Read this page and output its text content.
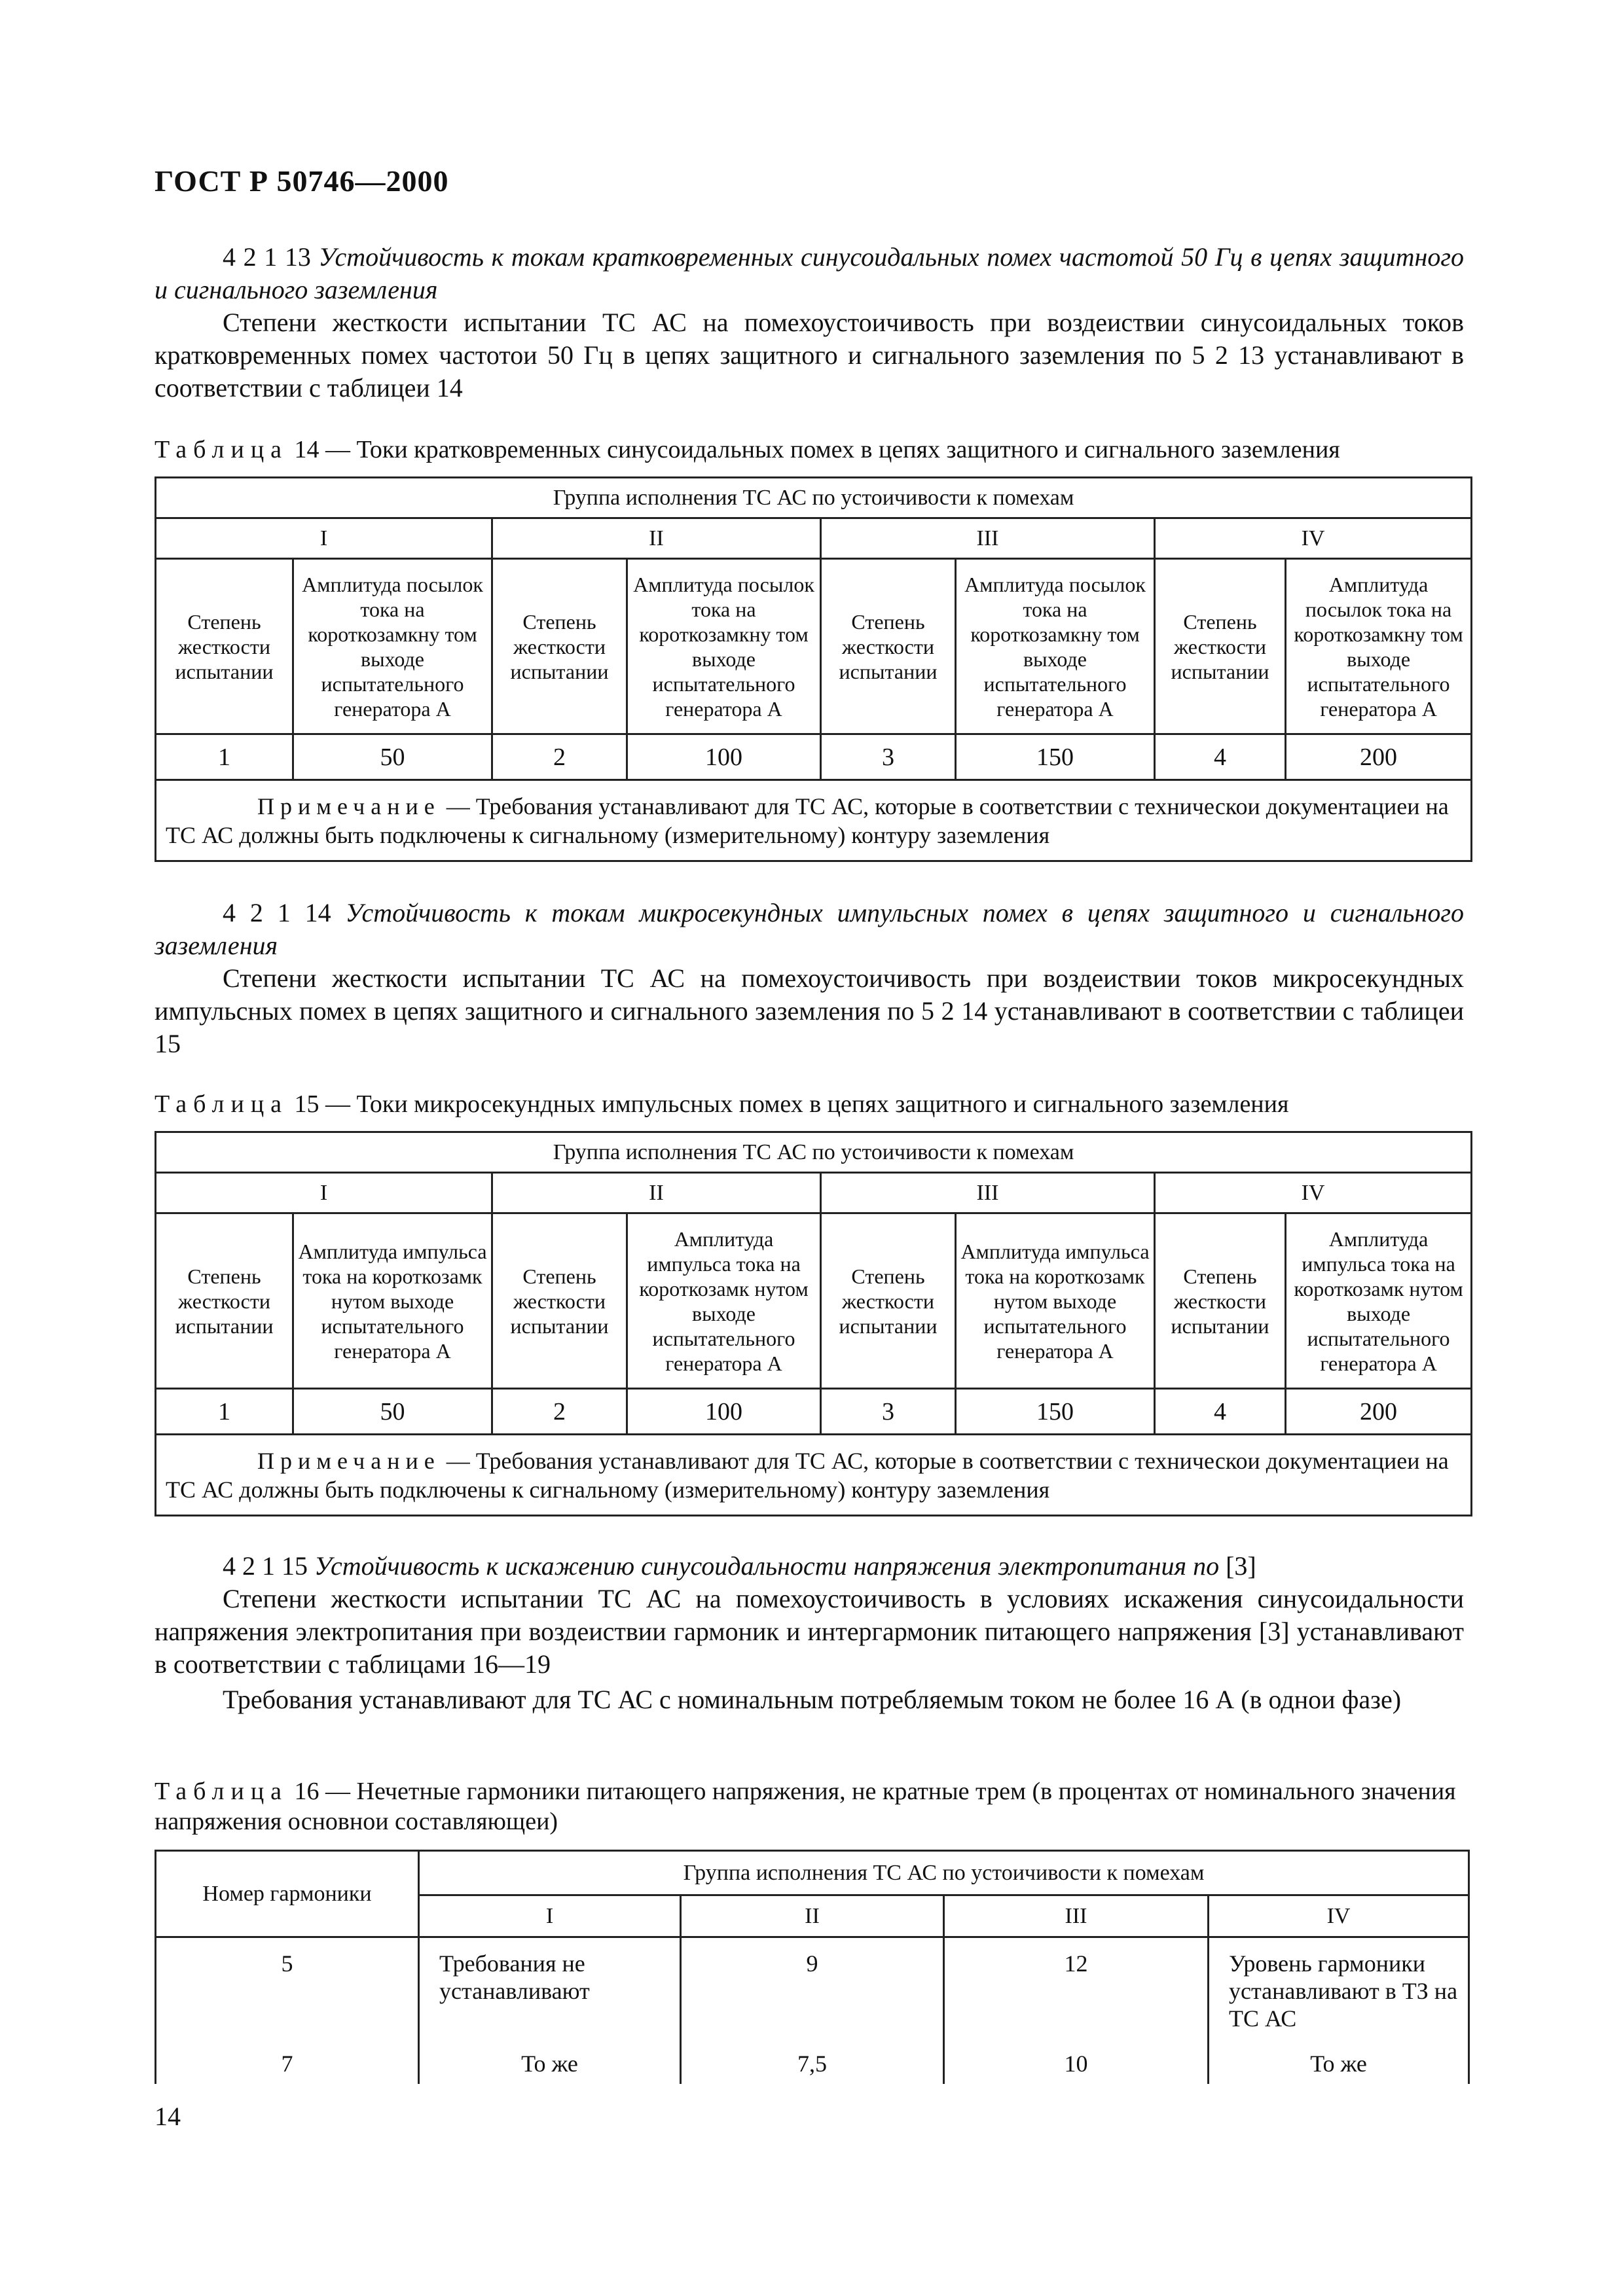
ГОСТ Р 50746—2000
4 2 1 13 Устойчивость к токам кратковременных синусоидальных помех частотой 50 Гц в цепях защитного и сигнального заземления
Степени жесткости испытании ТС АС на помехоустоичивость при воздеиствии синусоидальных токов кратковременных помех частотои 50 Гц в цепях защитного и сигнального заземления по 5 2 13 устанавливают в соответствии с таблицеи 14
Таблица 14 — Токи кратковременных синусоидальных помех в цепях защитного и сигнального заземления
Группа исполнения ТС АС по устоичивости к помехам							
I		II		III		IV	
Степень жесткости испытании	Амплитуда посылок тока на короткозамкну том выходе испытательного генератора А	Степень жесткости испытании	Амплитуда посылок тока на короткозамкну том выходе испытательного генератора А	Степень жесткости испытании	Амплитуда посылок тока на короткозамкну том выходе испытательного генератора А	Степень жесткости испытании	Амплитуда посылок тока на короткозамкну том выходе испытательного генератора А
1	50	2	100	3	150	4	200
Примечание — Требования устанавливают для ТС АС, которые в соответствии с техническои документациеи на ТС АС должны быть подключены к сигнальному (измерительному) контуру заземления							
4 2 1 14 Устойчивость к токам микросекундных импульсных помех в цепях защитного и сигнального заземления
Степени жесткости испытании ТС АС на помехоустоичивость при воздеиствии токов микросекундных импульсных помех в цепях защитного и сигнального заземления по 5 2 14 устанавливают в соответствии с таблицеи 15
Таблица 15 — Токи микросекундных импульсных помех в цепях защитного и сигнального заземления
Группа исполнения ТС АС по устоичивости к помехам							
I		II		III		IV	
Степень жесткости испытании	Амплитуда импульса тока на короткозамк нутом выходе испытательного генератора А	Степень жесткости испытании	Амплитуда импульса тока на короткозамк нутом выходе испытательного генератора А	Степень жесткости испытании	Амплитуда импульса тока на короткозамк нутом выходе испытательного генератора А	Степень жесткости испытании	Амплитуда импульса тока на короткозамк нутом выходе испытательного генератора А
1	50	2	100	3	150	4	200
Примечание — Требования устанавливают для ТС АС, которые в соответствии с техническои документациеи на ТС АС должны быть подключены к сигнальному (измерительному) контуру заземления							
4 2 1 15 Устойчивость к искажению синусоидальности напряжения электропитания по [3]
Степени жесткости испытании ТС АС на помехоустоичивость в условиях искажения синусоидальности напряжения электропитания при воздеиствии гармоник и интергармоник питающего напряжения [3] устанавливают в соответствии с таблицами 16—19
Требования устанавливают для ТС АС с номинальным потребляемым током не более 16 А (в однои фазе)
Таблица 16 — Нечетные гармоники питающего напряжения, не кратные трем (в процентах от номинального значения напряжения основнои составляющеи)
Номер гармоники	Группа исполнения ТС АС по устоичивости к помехам			
	I	II	III	IV
5	Требования не устанавливают	9	12	Уровень гармоники устанавливают в ТЗ на ТС АС
7	То же	7,5	10	То же
14
